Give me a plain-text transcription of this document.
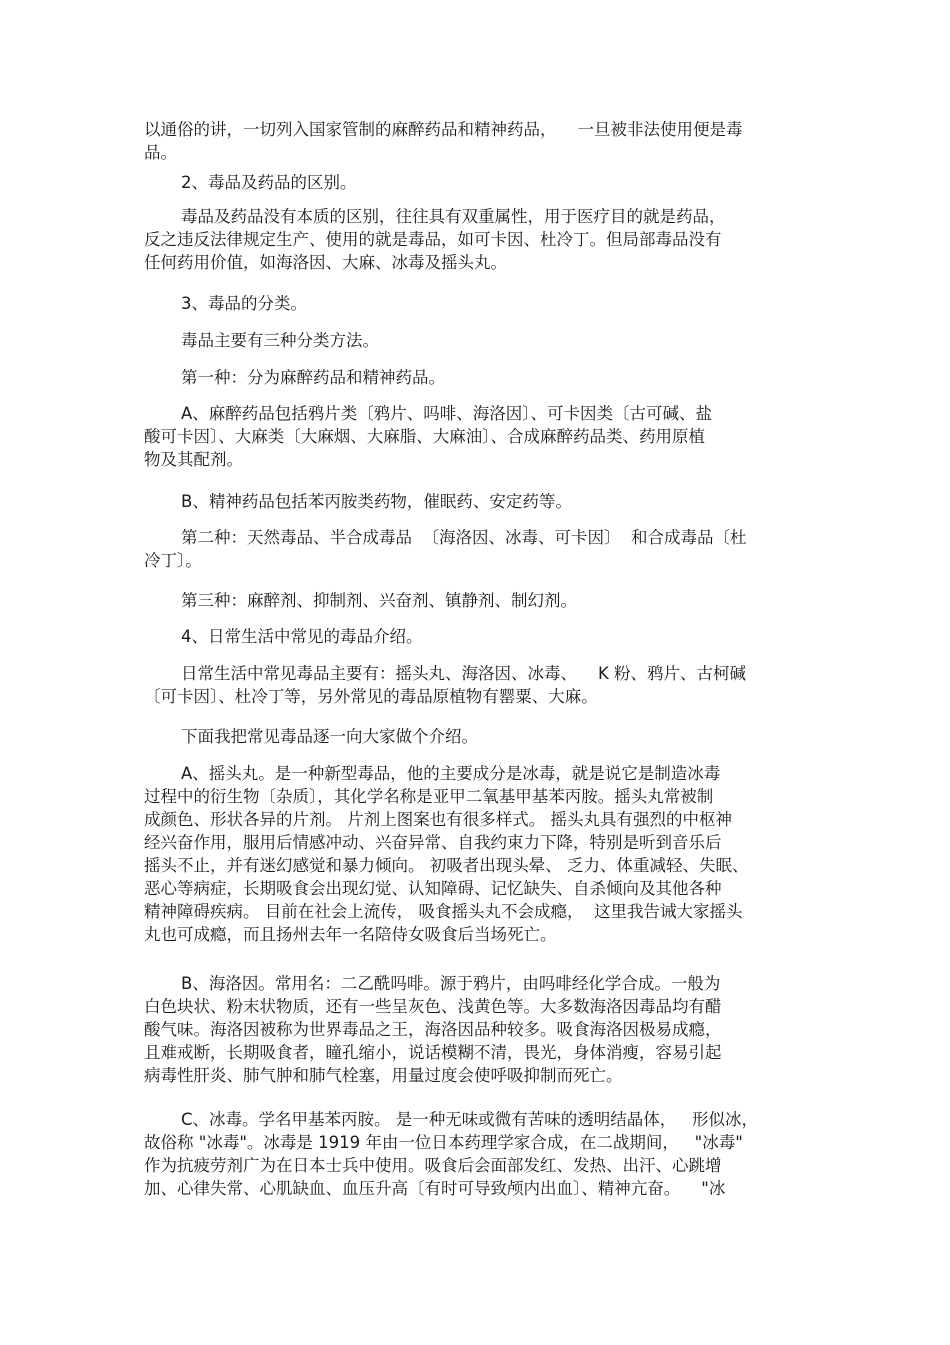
以通俗的讲，一切列入国家管制的麻醉药品和精神药品，    一旦被非法使用便是毒
品。
2、毒品及药品的区别。
毒品及药品没有本质的区别，往往具有双重属性，用于医疗目的就是药品，
反之违反法律规定生产、使用的就是毒品，如可卡因、杜冷丁。但局部毒品没有
任何药用价值，如海洛因、大麻、冰毒及摇头丸。
3、毒品的分类。
毒品主要有三种分类方法。
第一种：分为麻醉药品和精神药品。
A、麻醉药品包括鸦片类〔鸦片、吗啡、海洛因〕、可卡因类〔古可碱、盐
酸可卡因〕、大麻类〔大麻烟、大麻脂、大麻油〕、合成麻醉药品类、药用原植
物及其配剂。
B、精神药品包括苯丙胺类药物，催眠药、安定药等。
第二种：天然毒品、半合成毒品  〔海洛因、冰毒、可卡因〕  和合成毒品〔杜
冷丁〕。
第三种：麻醉剂、抑制剂、兴奋剂、镇静剂、制幻剂。
4、日常生活中常见的毒品介绍。
日常生活中常见毒品主要有：摇头丸、海洛因、冰毒、    K 粉、鸦片、古柯碱
〔可卡因〕、杜冷丁等，另外常见的毒品原植物有罂粟、大麻。
下面我把常见毒品逐一向大家做个介绍。
A、摇头丸。是一种新型毒品，他的主要成分是冰毒，就是说它是制造冰毒
过程中的衍生物〔杂质〕，其化学名称是亚甲二氧基甲基苯丙胺。摇头丸常被制
成颜色、形状各异的片剂。 片剂上图案也有很多样式。 摇头丸具有强烈的中枢神
经兴奋作用，服用后情感冲动、兴奋异常、自我约束力下降，特别是听到音乐后
摇头不止，并有迷幻感觉和暴力倾向。 初吸者出现头晕、 乏力、体重减轻、失眠、
恶心等病症，长期吸食会出现幻觉、认知障碍、记忆缺失、自杀倾向及其他各种
精神障碍疾病。 目前在社会上流传， 吸食摇头丸不会成瘾，  这里我告诫大家摇头
丸也可成瘾，而且扬州去年一名陪侍女吸食后当场死亡。
B、海洛因。常用名：二乙酰吗啡。源于鸦片，由吗啡经化学合成。一般为
白色块状、粉末状物质，还有一些呈灰色、浅黄色等。大多数海洛因毒品均有醋
酸气味。海洛因被称为世界毒品之王，海洛因品种较多。吸食海洛因极易成瘾，
且难戒断，长期吸食者，瞳孔缩小，说话模糊不清，畏光，身体消瘦，容易引起
病毒性肝炎、肺气肿和肺气栓塞，用量过度会使呼吸抑制而死亡。
C、冰毒。学名甲基苯丙胺。 是一种无味或微有苦味的透明结晶体，   形似冰，
故俗称 "冰毒"。冰毒是 1919 年由一位日本药理学家合成，在二战期间，   "冰毒"
作为抗疲劳剂广为在日本士兵中使用。吸食后会面部发红、发热、出汗、心跳增
加、心律失常、心肌缺血、血压升高〔有时可导致颅内出血〕、精神亢奋。    "冰
